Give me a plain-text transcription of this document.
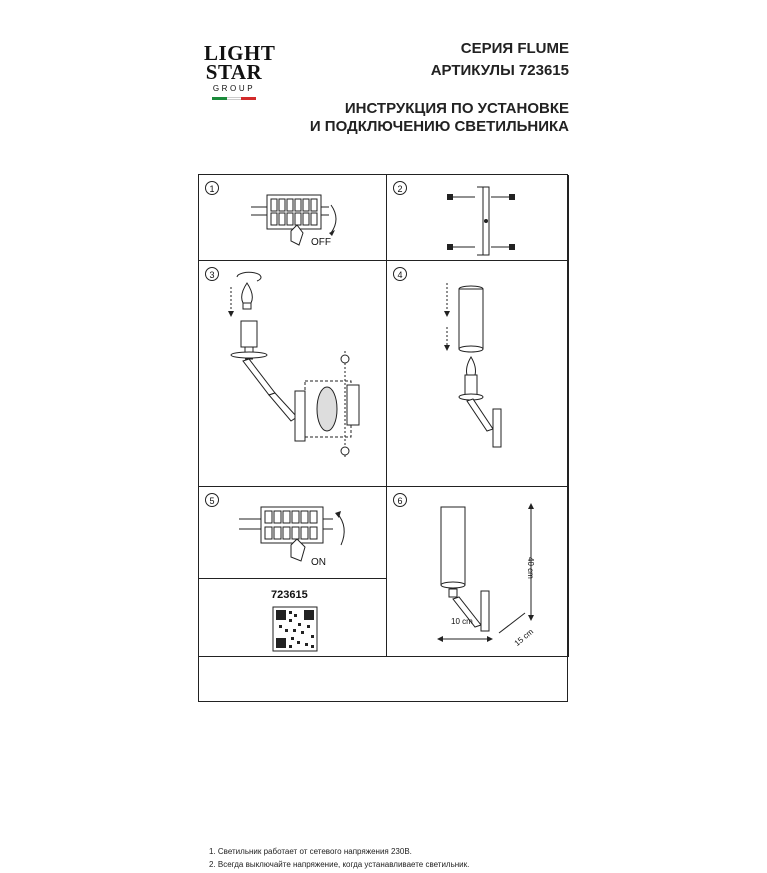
LIGHT
STAR
GROUP
СЕРИЯ FLUME
АРТИКУЛЫ 723615
ИНСТРУКЦИЯ ПО УСТАНОВКЕ
И ПОДКЛЮЧЕНИЮ СВЕТИЛЬНИКА
1
OFF
2
3	4
5
ON
6
40 cm
10 cm
15 cm
723615
1. Светильник работает от сетевого напряжения 230В.
2. Всегда выключайте напряжение, когда устанавливаете светильник.
